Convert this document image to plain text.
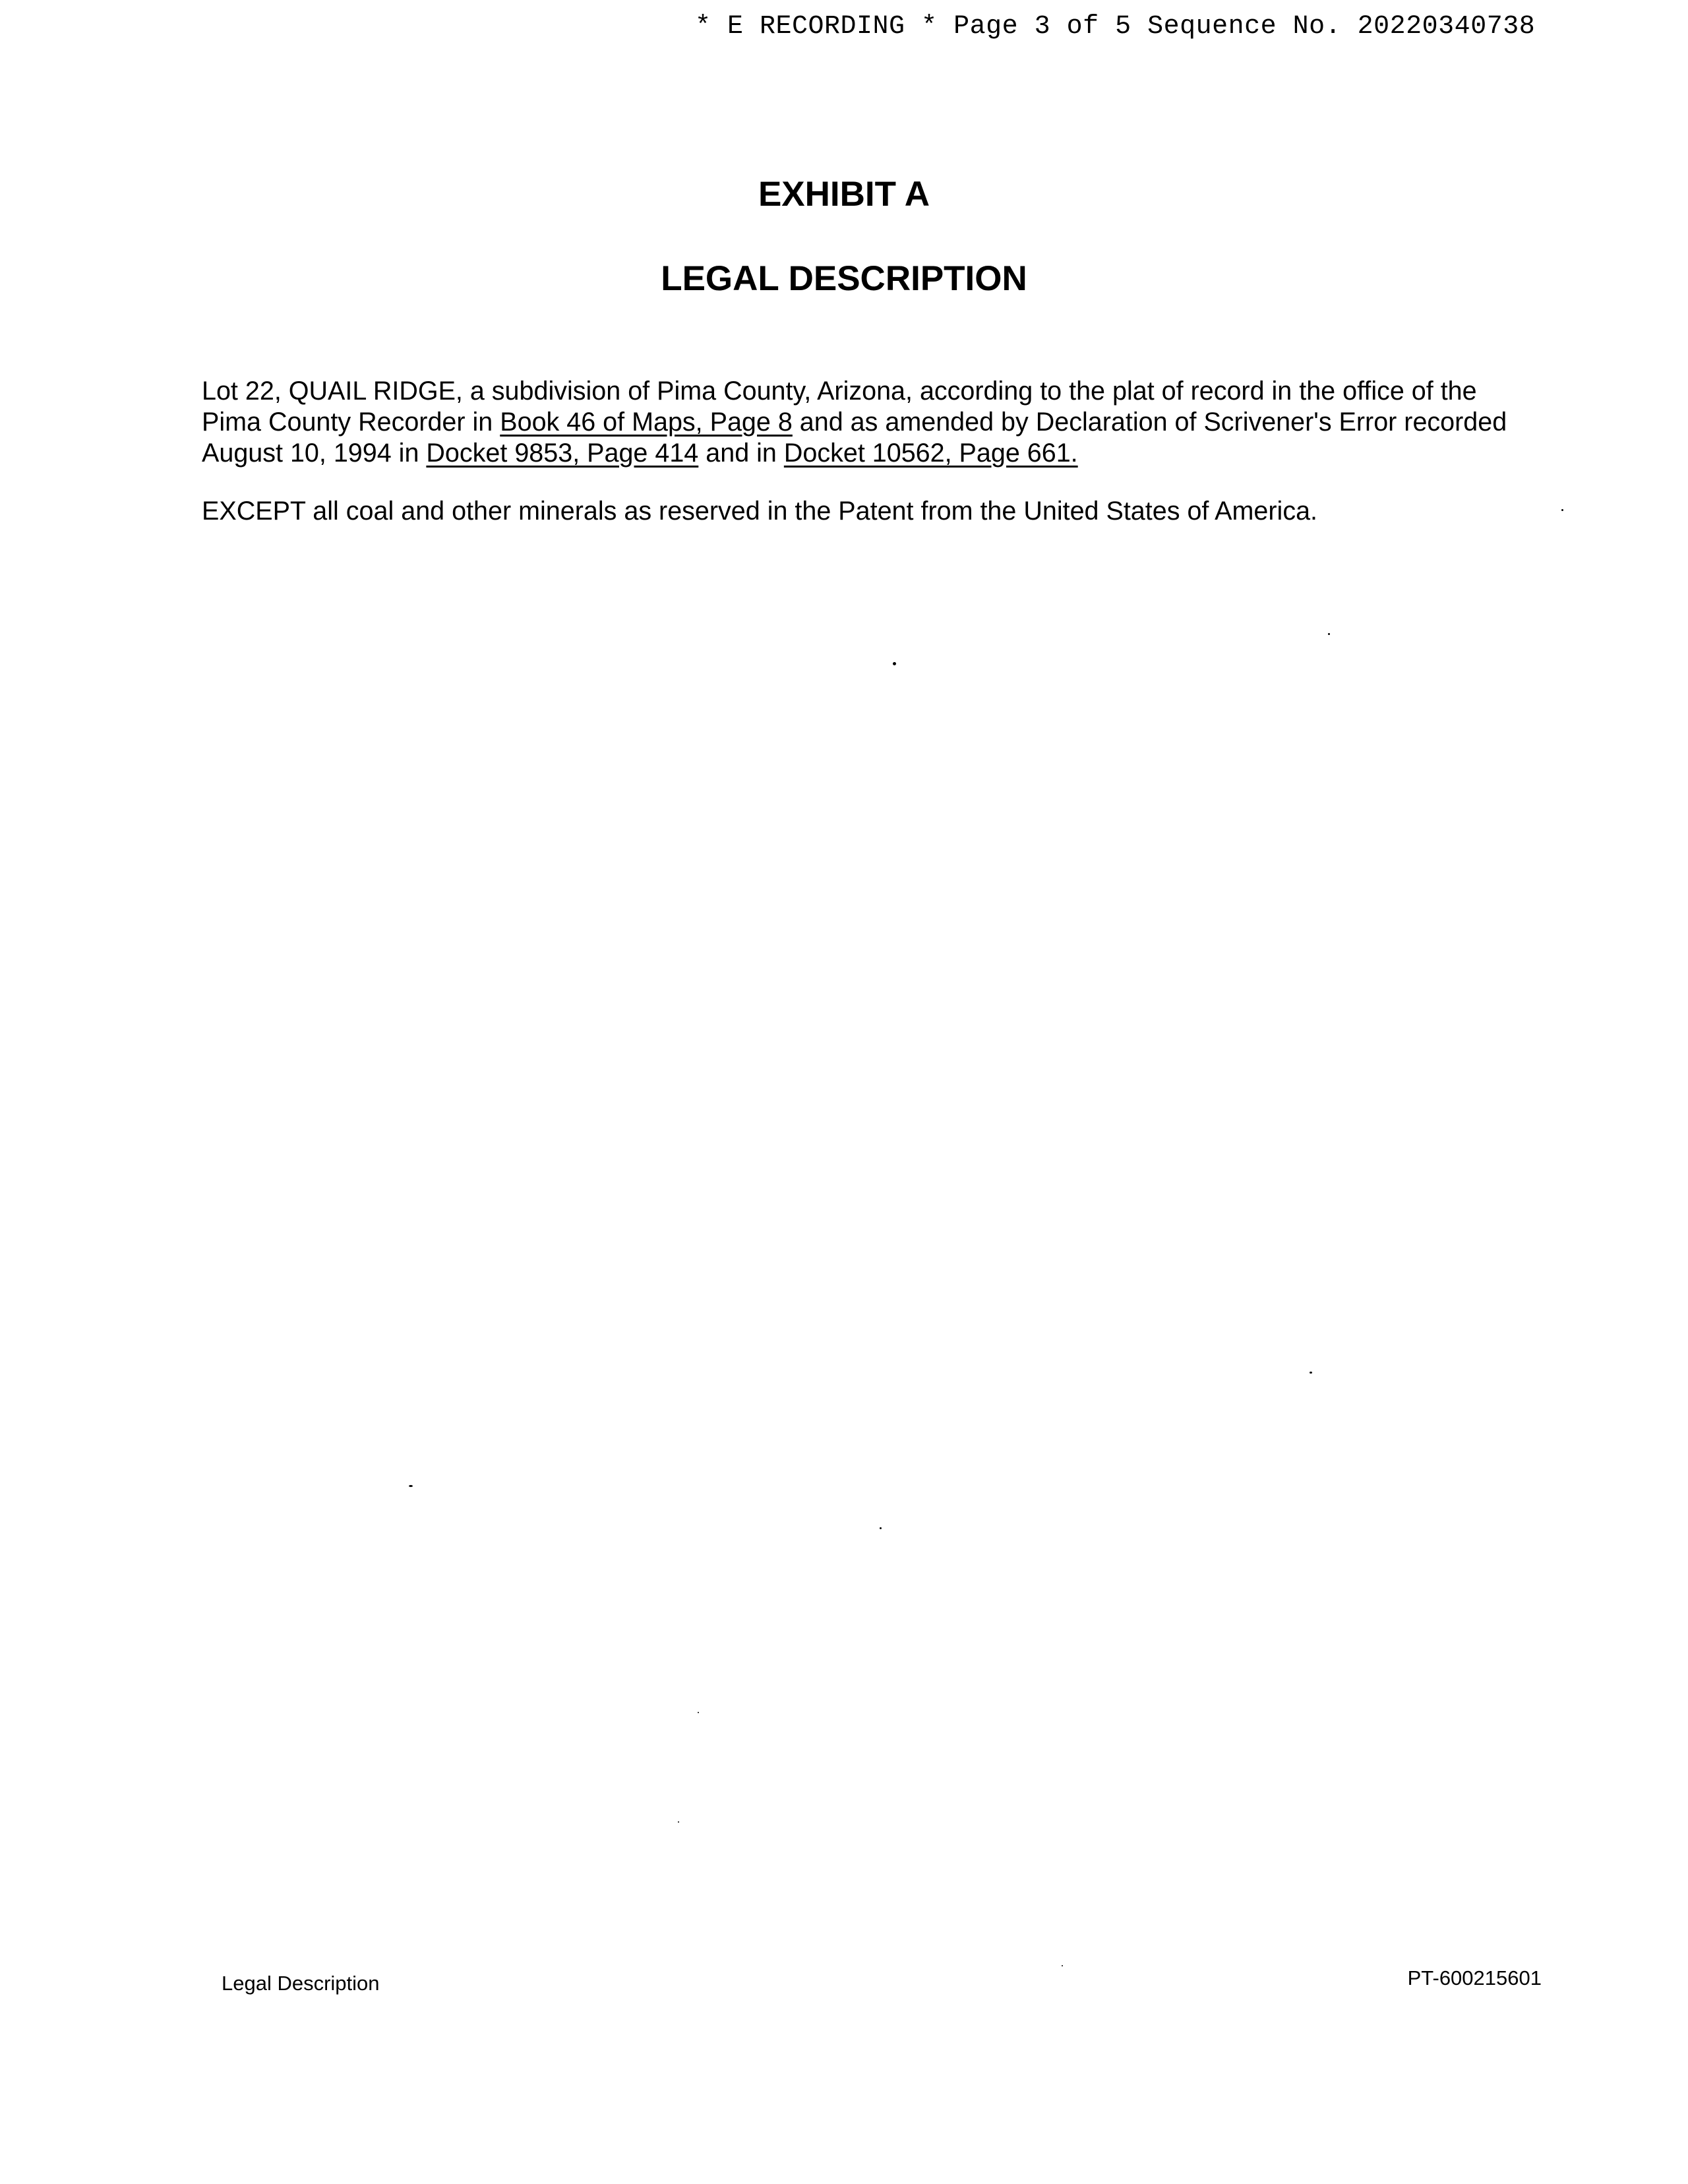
* E RECORDING * Page 3 of 5 Sequence No. 20220340738
EXHIBIT A
LEGAL DESCRIPTION
Lot 22, QUAIL RIDGE, a subdivision of Pima County, Arizona, according to the plat of record in the office of the
Pima County Recorder in Book 46 of Maps, Page 8 and as amended by Declaration of Scrivener's Error recorded
August 10, 1994 in Docket 9853, Page 414 and in Docket 10562, Page 661.

EXCEPT all coal and other minerals as reserved in the Patent from the United States of America.

Legal Description	PT-600215601
